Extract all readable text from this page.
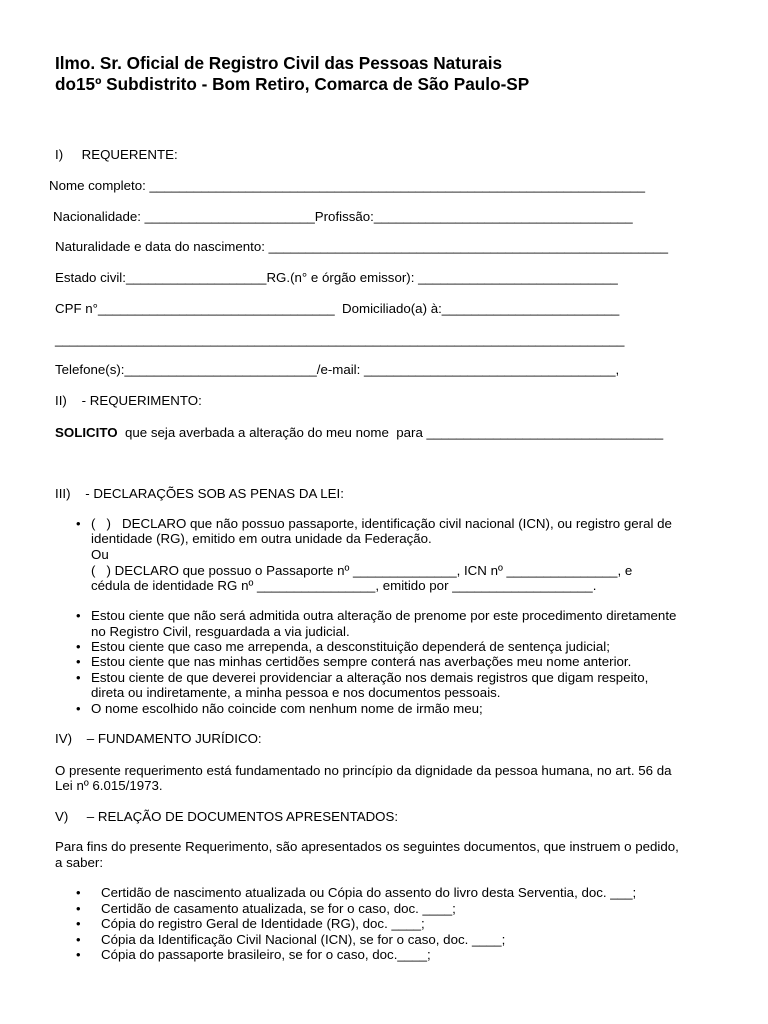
Ilmo. Sr. Oficial de Registro Civil das Pessoas Naturais
do15º Subdistrito - Bom Retiro, Comarca de São Paulo-SP
I)     REQUERENTE:
Nome completo: ___________________________________________________________________
Nacionalidade: _______________________Profissão:___________________________________
Naturalidade e data do nascimento: ______________________________________________________
Estado civil:___________________RG.(n° e órgão emissor): ___________________________
CPF n°________________________________  Domiciliado(a) à:________________________
_____________________________________________________________________________
Telefone(s):__________________________/e-mail: __________________________________,
II)    - REQUERIMENTO:
SOLICITO  que seja averbada a alteração do meu nome  para ________________________________
III)    - DECLARAÇÕES SOB AS PENAS DA LEI:
• (   )   DECLARO que não possuo passaporte, identificação civil nacional (ICN), ou registro geral de
identidade (RG), emitido em outra unidade da Federação.
Ou
(   ) DECLARO que possuo o Passaporte nº ______________, ICN nº _______________, e
cédula de identidade RG nº ________________, emitido por ___________________.
• Estou ciente que não será admitida outra alteração de prenome por este procedimento diretamente
no Registro Civil, resguardada a via judicial.
• Estou ciente que caso me arrependa, a desconstituição dependerá de sentença judicial;
• Estou ciente que nas minhas certidões sempre conterá nas averbações meu nome anterior.
• Estou ciente de que deverei providenciar a alteração nos demais registros que digam respeito,
direta ou indiretamente, a minha pessoa e nos documentos pessoais.
• O nome escolhido não coincide com nenhum nome de irmão meu;
IV)    – FUNDAMENTO JURÍDICO:
O presente requerimento está fundamentado no princípio da dignidade da pessoa humana, no art. 56 da
Lei nº 6.015/1973.
V)     – RELAÇÃO DE DOCUMENTOS APRESENTADOS:
Para fins do presente Requerimento, são apresentados os seguintes documentos, que instruem o pedido,
a saber:
• Certidão de nascimento atualizada ou Cópia do assento do livro desta Serventia, doc. ___;
• Certidão de casamento atualizada, se for o caso, doc. ____;
• Cópia do registro Geral de Identidade (RG), doc. ____;
• Cópia da Identificação Civil Nacional (ICN), se for o caso, doc. ____;
• Cópia do passaporte brasileiro, se for o caso, doc.____;
